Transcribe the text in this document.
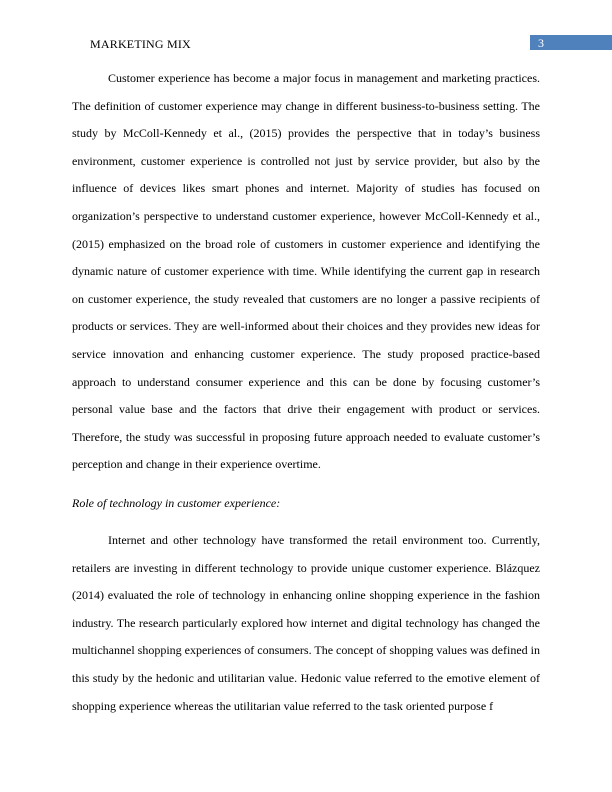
MARKETING MIX	3

Customer experience has become a major focus in management and marketing practices. The definition of customer experience may change in different business-to-business setting. The study by McColl-Kennedy et al., (2015) provides the perspective that in today’s business environment, customer experience is controlled not just by service provider, but also by the influence of devices likes smart phones and internet. Majority of studies has focused on organization’s perspective to understand customer experience, however McColl-Kennedy et al., (2015) emphasized on the broad role of customers in customer experience and identifying the dynamic nature of customer experience with time. While identifying the current gap in research on customer experience, the study revealed that customers are no longer a passive recipients of products or services. They are well-informed about their choices and they provides new ideas for service innovation and enhancing customer experience. The study proposed practice-based approach to understand consumer experience and this can be done by focusing customer’s personal value base and the factors that drive their engagement with product or services. Therefore, the study was successful in proposing future approach needed to evaluate customer’s perception and change in their experience overtime.

Role of technology in customer experience:

Internet and other technology have transformed the retail environment too. Currently, retailers are investing in different technology to provide unique customer experience. Blázquez (2014) evaluated the role of technology in enhancing online shopping experience in the fashion industry. The research particularly explored how internet and digital technology has changed the multichannel shopping experiences of consumers. The concept of shopping values was defined in this study by the hedonic and utilitarian value. Hedonic value referred to the emotive element of shopping experience whereas the utilitarian value referred to the task oriented purpose f
